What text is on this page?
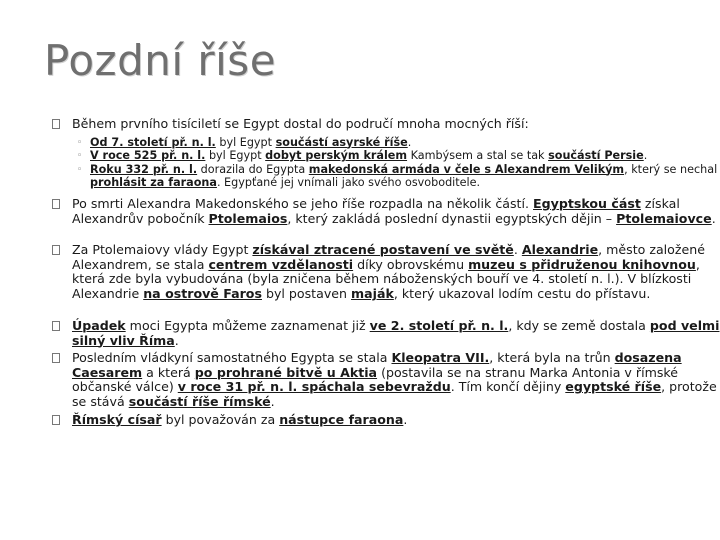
Pozdní říše
Během prvního tisíciletí se Egypt dostal do područí mnoha mocných říší:
◦ Od 7. století př. n. l. byl Egypt součástí asyrské říše.
◦ V roce 525 př. n. l. byl Egypt dobyt perským králem Kambýsem a stal se tak součástí Persie.
◦ Roku 332 př. n. l. dorazila do Egypta makedonská armáda v čele s Alexandrem Velikým, který se nechal prohlásit za faraona. Egypťané jej vnímali jako svého osvoboditele.
Po smrti Alexandra Makedonského se jeho říše rozpadla na několik částí. Egyptskou část získal Alexandrův pobočník Ptolemaios, který zakládá poslední dynastii egyptských dějin – Ptolemaiovce.
Za Ptolemaiovy vlády Egypt získával ztracené postavení ve světě. Alexandrie, město založené Alexandrem, se stala centrem vzdělanosti díky obrovskému muzeu s přidruženou knihovnou, která zde byla vybudována (byla zničena během náboženských bouří ve 4. století n. l.). V blízkosti Alexandrie na ostrově Faros byl postaven maják, který ukazoval lodím cestu do přístavu.
Úpadek moci Egypta můžeme zaznamenat již ve 2. století př. n. l., kdy se země dostala pod velmi silný vliv Říma.
Posledním vládkyní samostatného Egypta se stala Kleopatra VII., která byla na trůn dosazena Caesarem a která po prohrané bitvě u Aktia (postavila se na stranu Marka Antonia v římské občanské válce) v roce 31 př. n. l. spáchala sebevraždu. Tím končí dějiny egyptské říše, protože se stává součástí říše římské.
Římský císař byl považován za nástupce faraona.
